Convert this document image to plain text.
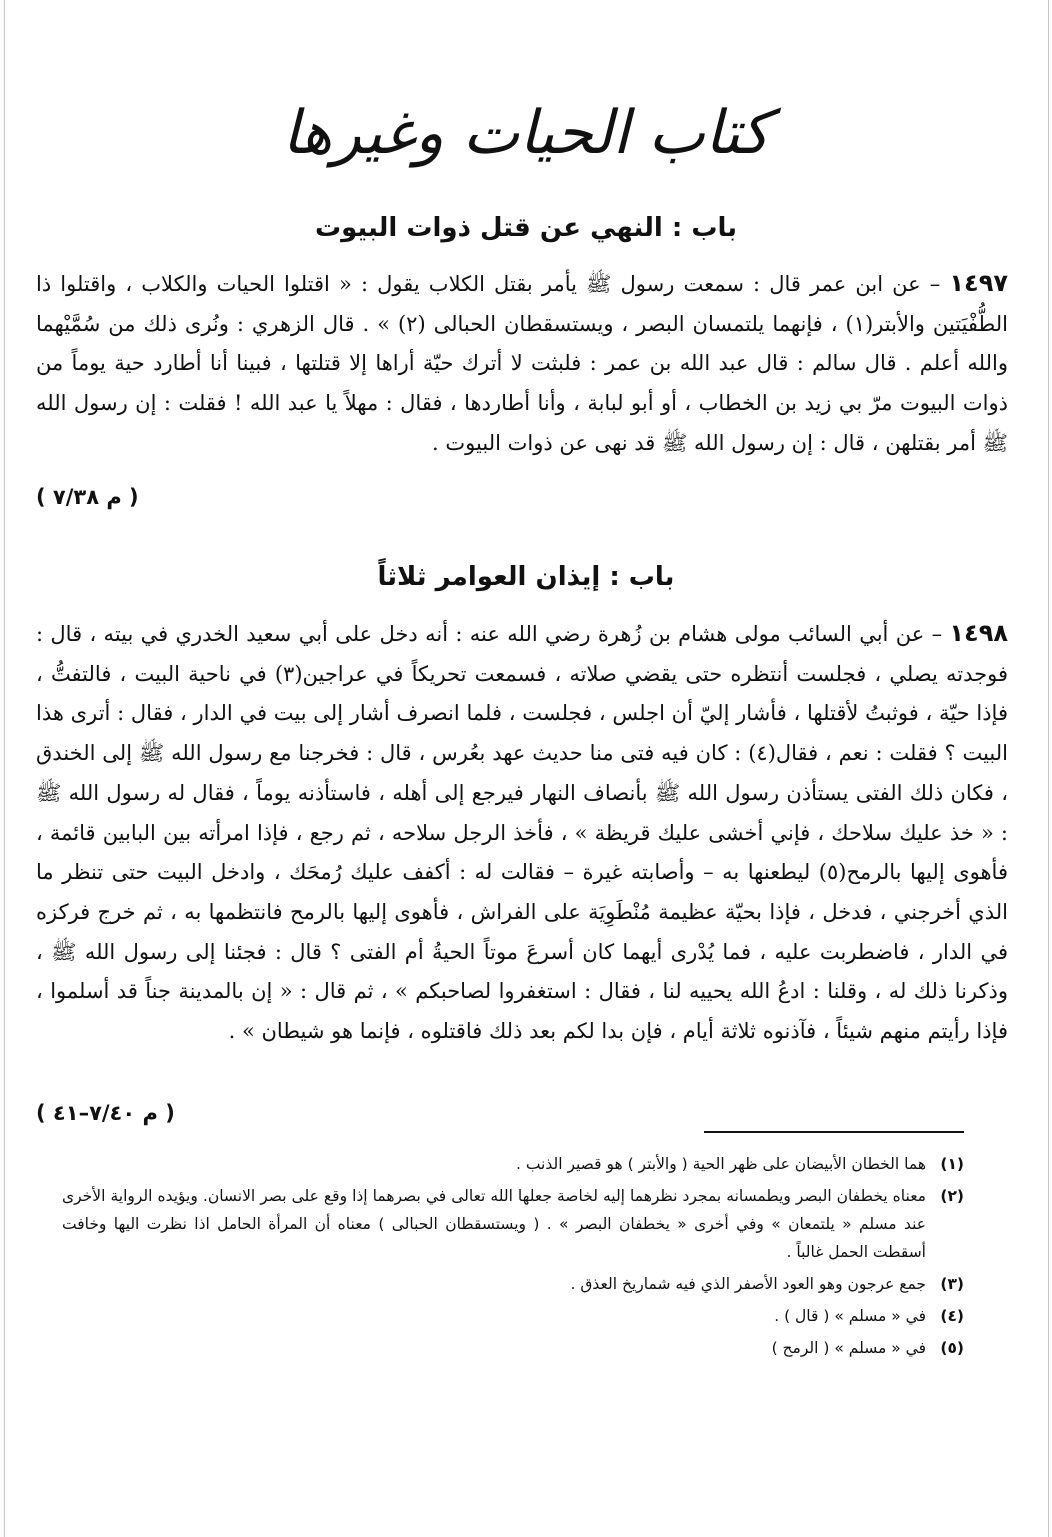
كتاب الحيات وغيرها
باب : النهي عن قتل ذوات البيوت
١٤٩٧ – عن ابن عمر قال : سمعت رسول ﷺ يأمر بقتل الكلاب يقول : « اقتلوا الحيات والكلاب ، واقتلوا ذا الطُّفْيَتين والأبتر(١) ، فإنهما يلتمسان البصر ، ويستسقطان الحبالى (٢) » . قال الزهري : ونُرى ذلك من سُمَّيْهما والله أعلم . قال سالم : قال عبد الله بن عمر : فلبثت لا أترك حيّة أراها إلا قتلتها ، فبينا أنا أطارد حية يوماً من ذوات البيوت مرّ بي زيد بن الخطاب ، أو أبو لبابة ، وأنا أطاردها ، فقال : مهلاً يا عبد الله ! فقلت : إن رسول الله ﷺ أمر بقتلهن ، قال : إن رسول الله ﷺ قد نهى عن ذوات البيوت .
( م ٧/٣٨ )
باب : إيذان العوامر ثلاثاً
١٤٩٨ – عن أبي السائب مولى هشام بن زُهرة رضي الله عنه : أنه دخل على أبي سعيد الخدري في بيته ، قال : فوجدته يصلي ، فجلست أنتظره حتى يقضي صلاته ، فسمعت تحريكاً في عراجين(٣) في ناحية البيت ، فالتفتُّ ، فإذا حيّة ، فوثبتُ لأقتلها ، فأشار إليّ أن اجلس ، فجلست ، فلما انصرف أشار إلى بيت في الدار ، فقال : أترى هذا البيت ؟ فقلت : نعم ، فقال(٤) : كان فيه فتى منا حديث عهد بعُرس ، قال : فخرجنا مع رسول الله ﷺ إلى الخندق ، فكان ذلك الفتى يستأذن رسول الله ﷺ بأنصاف النهار فيرجع إلى أهله ، فاستأذنه يوماً ، فقال له رسول الله ﷺ : « خذ عليك سلاحك ، فإني أخشى عليك قريظة » ، فأخذ الرجل سلاحه ، ثم رجع ، فإذا امرأته بين البابين قائمة ، فأهوى إليها بالرمح(٥) ليطعنها به – وأصابته غيرة – فقالت له : أكفف عليك رُمحَك ، وادخل البيت حتى تنظر ما الذي أخرجني ، فدخل ، فإذا بحيّة عظيمة مُنْطَوِيَة على الفراش ، فأهوى إليها بالرمح فانتظمها به ، ثم خرج فركزه في الدار ، فاضطربت عليه ، فما يُدْرى أيهما كان أسرعَ موتاً الحيةُ أم الفتى ؟ قال : فجئنا إلى رسول الله ﷺ ، وذكرنا ذلك له ، وقلنا : ادعُ الله يحييه لنا ، فقال : استغفروا لصاحبكم » ، ثم قال : « إن بالمدينة جناً قد أسلموا ، فإذا رأيتم منهم شيئاً ، فآذنوه ثلاثة أيام ، فإن بدا لكم بعد ذلك فاقتلوه ، فإنما هو شيطان » .
( م ٧/٤٠–٤١ )
(١)
هما الخطان الأبيضان على ظهر الحية ( والأبتر ) هو قصير الذنب .
(٢)
معناه يخطفان البصر ويطمسانه بمجرد نظرهما إليه لخاصة جعلها الله تعالى في بصرهما إذا وقع على بصر الانسان. ويؤيده الرواية الأخرى عند مسلم « يلتمعان » وفي أخرى « يخطفان البصر » . ( ويستسقطان الحبالى ) معناه أن المرأة الحامل اذا نظرت اليها وخافت أسقطت الحمل غالباً .
(٣)
جمع عرجون وهو العود الأصفر الذي فيه شماريخ العذق .
(٤)
في « مسلم » ( قال ) .
(٥)
في « مسلم » ( الرمح )
